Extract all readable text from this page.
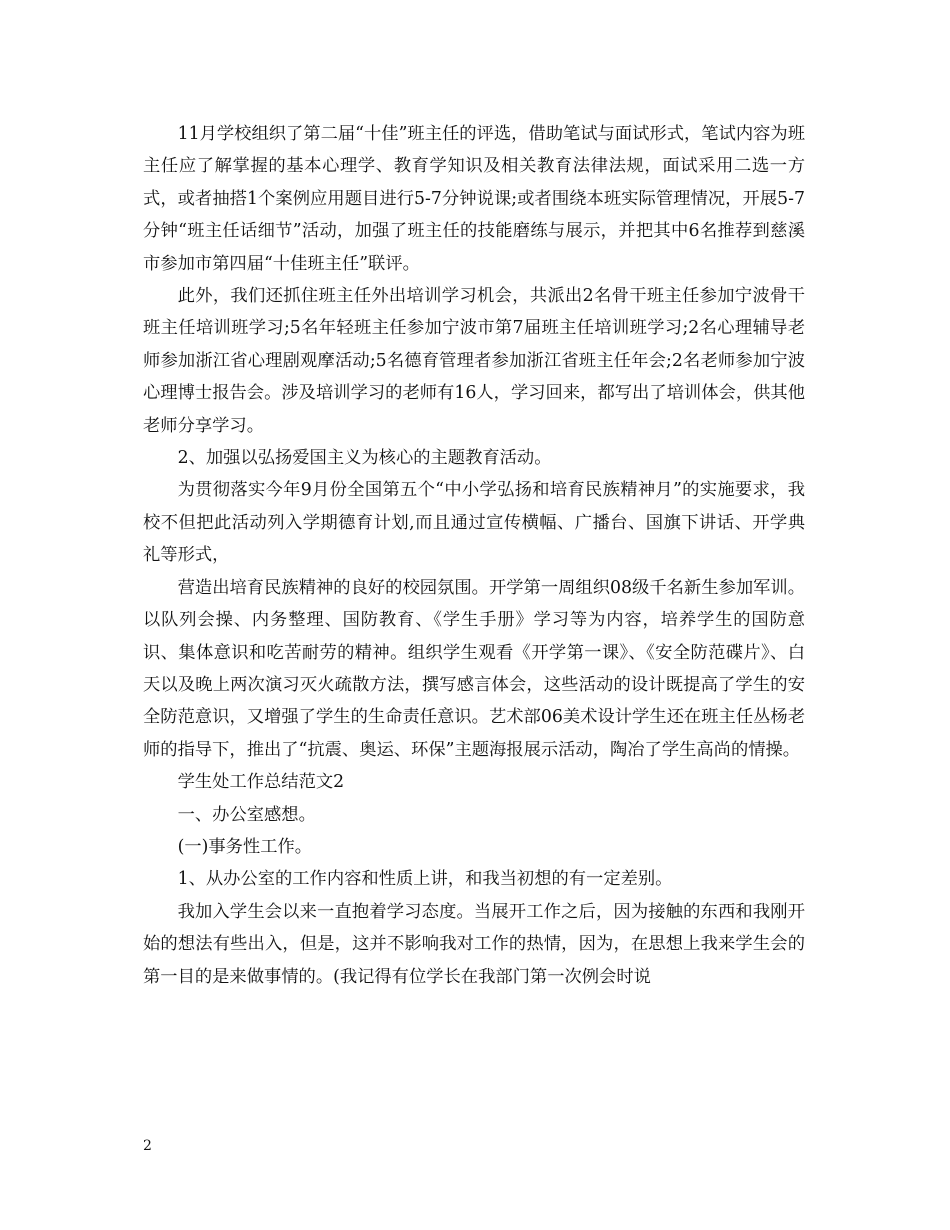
11月学校组织了第二届“十佳”班主任的评选，借助笔试与面试形式，笔试内容为班主任应了解掌握的基本心理学、教育学知识及相关教育法律法规，面试采用二选一方式，或者抽搭1个案例应用题目进行5-7分钟说课;或者围绕本班实际管理情况，开展5-7分钟“班主任话细节”活动，加强了班主任的技能磨练与展示，并把其中6名推荐到慈溪市参加市第四届“十佳班主任”联评。

此外，我们还抓住班主任外出培训学习机会，共派出2名骨干班主任参加宁波骨干班主任培训班学习;5名年轻班主任参加宁波市第7届班主任培训班学习;2名心理辅导老师参加浙江省心理剧观摩活动;5名德育管理者参加浙江省班主任年会;2名老师参加宁波心理博士报告会。涉及培训学习的老师有16人，学习回来，都写出了培训体会，供其他老师分享学习。

2、加强以弘扬爱国主义为核心的主题教育活动。

为贯彻落实今年9月份全国第五个“中小学弘扬和培育民族精神月”的实施要求，我校不但把此活动列入学期德育计划,而且通过宣传横幅、广播台、国旗下讲话、开学典礼等形式，

营造出培育民族精神的良好的校园氛围。开学第一周组织08级千名新生参加军训。以队列会操、内务整理、国防教育、《学生手册》学习等为内容，培养学生的国防意识、集体意识和吃苦耐劳的精神。组织学生观看《开学第一课》、《安全防范碟片》、白天以及晚上两次演习灭火疏散方法，撰写感言体会，这些活动的设计既提高了学生的安全防范意识，又增强了学生的生命责任意识。艺术部06美术设计学生还在班主任丛杨老师的指导下，推出了“抗震、奥运、环保”主题海报展示活动，陶冶了学生高尚的情操。

学生处工作总结范文2

一、办公室感想。

(一)事务性工作。

1、从办公室的工作内容和性质上讲，和我当初想的有一定差别。

我加入学生会以来一直抱着学习态度。当展开工作之后，因为接触的东西和我刚开始的想法有些出入，但是，这并不影响我对工作的热情，因为，在思想上我来学生会的第一目的是来做事情的。(我记得有位学长在我部门第一次例会时说

2
